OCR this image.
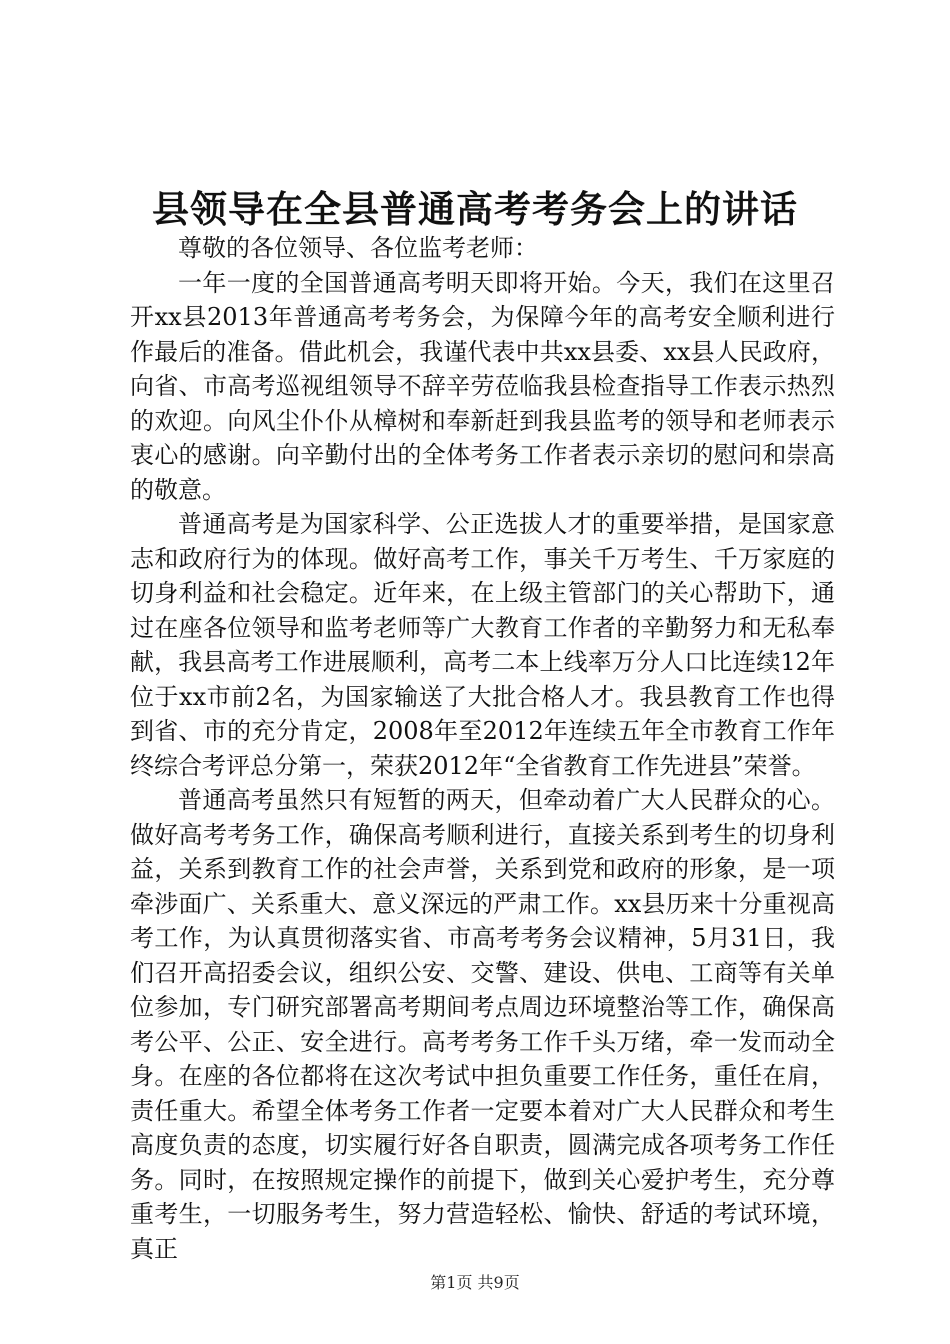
县领导在全县普通高考考务会上的讲话

尊敬的各位领导、各位监考老师：

一年一度的全国普通高考明天即将开始。今天，我们在这里召开xx县2013年普通高考考务会，为保障今年的高考安全顺利进行作最后的准备。借此机会，我谨代表中共xx县委、xx县人民政府，向省、市高考巡视组领导不辞辛劳莅临我县检查指导工作表示热烈的欢迎。向风尘仆仆从樟树和奉新赶到我县监考的领导和老师表示衷心的感谢。向辛勤付出的全体考务工作者表示亲切的慰问和崇高的敬意。

普通高考是为国家科学、公正选拔人才的重要举措，是国家意志和政府行为的体现。做好高考工作，事关千万考生、千万家庭的切身利益和社会稳定。近年来，在上级主管部门的关心帮助下，通过在座各位领导和监考老师等广大教育工作者的辛勤努力和无私奉献，我县高考工作进展顺利，高考二本上线率万分人口比连续12年位于xx市前2名，为国家输送了大批合格人才。我县教育工作也得到省、市的充分肯定，2008年至2012年连续五年全市教育工作年终综合考评总分第一，荣获2012年“全省教育工作先进县”荣誉。

普通高考虽然只有短暂的两天，但牵动着广大人民群众的心。做好高考考务工作，确保高考顺利进行，直接关系到考生的切身利益，关系到教育工作的社会声誉，关系到党和政府的形象，是一项牵涉面广、关系重大、意义深远的严肃工作。xx县历来十分重视高考工作，为认真贯彻落实省、市高考考务会议精神，5月31日，我们召开高招委会议，组织公安、交警、建设、供电、工商等有关单位参加，专门研究部署高考期间考点周边环境整治等工作，确保高考公平、公正、安全进行。高考考务工作千头万绪，牵一发而动全身。在座的各位都将在这次考试中担负重要工作任务，重任在肩，责任重大。希望全体考务工作者一定要本着对广大人民群众和考生高度负责的态度，切实履行好各自职责，圆满完成各项考务工作任务。同时，在按照规定操作的前提下，做到关心爱护考生，充分尊重考生，一切服务考生，努力营造轻松、愉快、舒适的考试环境，真正

第1页 共9页
